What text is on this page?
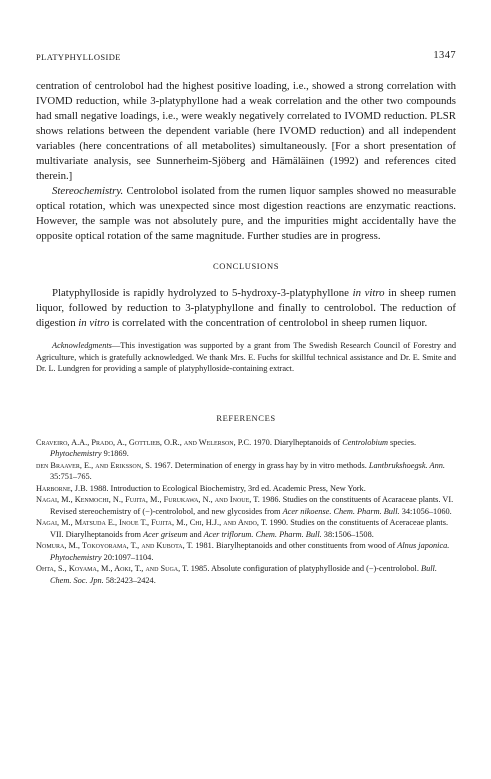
PLATYPHYLLOSIDE	1347

centration of centrolobol had the highest positive loading, i.e., showed a strong correlation with IVOMD reduction, while 3-platyphyllone had a weak correlation and the other two compounds had small negative loadings, i.e., were weakly negatively correlated to IVOMD reduction. PLSR shows relations between the dependent variable (here IVOMD reduction) and all independent variables (here concentrations of all metabolites) simultaneously. [For a short presentation of multivariate analysis, see Sunnerheim-Sjöberg and Hämäläinen (1992) and references cited therein.]

Stereochemistry. Centrolobol isolated from the rumen liquor samples showed no measurable optical rotation, which was unexpected since most digestion reactions are enzymatic reactions. However, the sample was not absolutely pure, and the impurities might accidentally have the opposite optical rotation of the same magnitude. Further studies are in progress.

CONCLUSIONS

Platyphylloside is rapidly hydrolyzed to 5-hydroxy-3-platyphyllone in vitro in sheep rumen liquor, followed by reduction to 3-platyphyllone and finally to centrolobol. The reduction of digestion in vitro is correlated with the concentration of centrolobol in sheep rumen liquor.

Acknowledgments—This investigation was supported by a grant from The Swedish Research Council of Forestry and Agriculture, which is gratefully acknowledged. We thank Mrs. E. Fuchs for skillful technical assistance and Dr. E. Smite and Dr. L. Lundgren for providing a sample of platyphylloside-containing extract.

REFERENCES
Craveiro, A.A., Prado, A., Gottlieb, O.R., and Welerson, P.C. 1970. Diarylheptanoids of Centrolobium species. Phytochemistry 9:1869.
den Braaver, E., and Eriksson, S. 1967. Determination of energy in grass hay by in vitro methods. Lantbrukshoegsk. Ann. 35:751–765.
Harborne, J.B. 1988. Introduction to Ecological Biochemistry, 3rd ed. Academic Press, New York.
Nagai, M., Kenmochi, N., Fujita, M., Furukawa, N., and Inoue, T. 1986. Studies on the constituents of Acaraceae plants. VI. Revised stereochemistry of (−)-centrolobol, and new glycosides from Acer nikoense. Chem. Pharm. Bull. 34:1056–1060.
Nagai, M., Matsuda E., Inoue T., Fujita, M., Chi, H.J., and Ando, T. 1990. Studies on the constituents of Aceraceae plants. VII. Diarylheptanoids from Acer griseum and Acer triflorum. Chem. Pharm. Bull. 38:1506–1508.
Nomura, M., Tokoyorama, T., and Kubota, T. 1981. Biarylheptanoids and other constituents from wood of Alnus japonica. Phytochemistry 20:1097–1104.
Ohta, S., Koyama, M., Aoki, T., and Suga, T. 1985. Absolute configuration of platyphylloside and (−)-centrolobol. Bull. Chem. Soc. Jpn. 58:2423–2424.
